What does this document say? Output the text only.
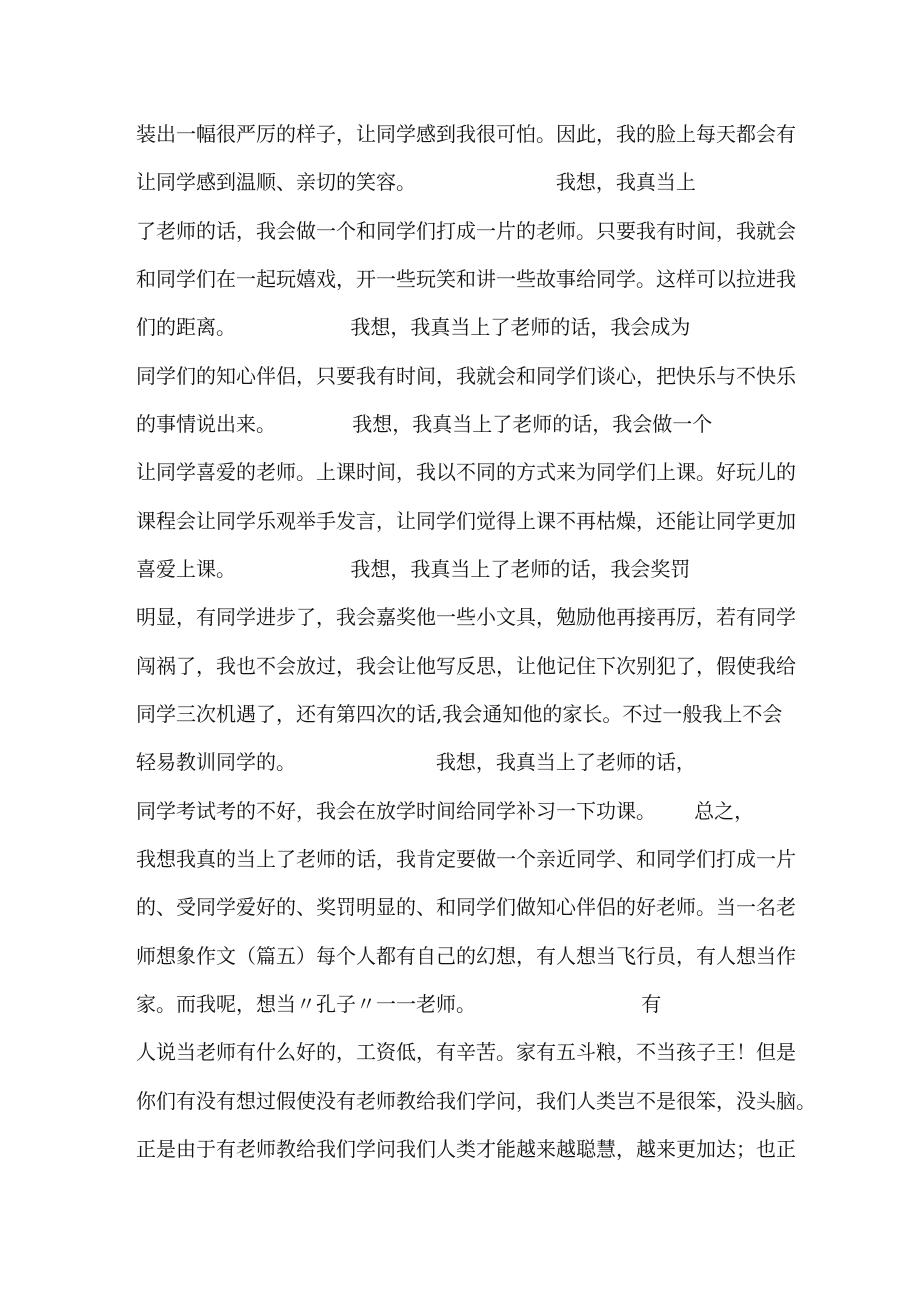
装出一幅很严厉的样子，让同学感到我很可怕。因此，我的脸上每天都会有
让同学感到温顺、亲切的笑容。                      我想，我真当上
了老师的话，我会做一个和同学们打成一片的老师。只要我有时间，我就会
和同学们在一起玩嬉戏，开一些玩笑和讲一些故事给同学。这样可以拉进我
们的距离。                  我想，我真当上了老师的话，我会成为
同学们的知心伴侣，只要我有时间，我就会和同学们谈心，把快乐与不快乐
的事情说出来。            我想，我真当上了老师的话，我会做一个
让同学喜爱的老师。上课时间，我以不同的方式来为同学们上课。好玩儿的
课程会让同学乐观举手发言，让同学们觉得上课不再枯燥，还能让同学更加
喜爱上课。                  我想，我真当上了老师的话，我会奖罚
明显，有同学进步了，我会嘉奖他一些小文具，勉励他再接再厉，若有同学
闯祸了，我也不会放过，我会让他写反思，让他记住下次别犯了，假使我给
同学三次机遇了，还有第四次的话,我会通知他的家长。不过一般我上不会
轻易教训同学的。                      我想，我真当上了老师的话，
同学考试考的不好，我会在放学时间给同学补习一下功课。      总之，
我想我真的当上了老师的话，我肯定要做一个亲近同学、和同学们打成一片
的、受同学爱好的、奖罚明显的、和同学们做知心伴侣的好老师。当一名老
师想象作文（篇五）每个人都有自己的幻想，有人想当飞行员，有人想当作
家。而我呢，想当〃孔子〃一一老师。                          有
人说当老师有什么好的，工资低，有辛苦。家有五斗粮，不当孩子王！但是
你们有没有想过假使没有老师教给我们学问，我们人类岂不是很笨，没头脑。
正是由于有老师教给我们学问我们人类才能越来越聪慧，越来更加达；也正
